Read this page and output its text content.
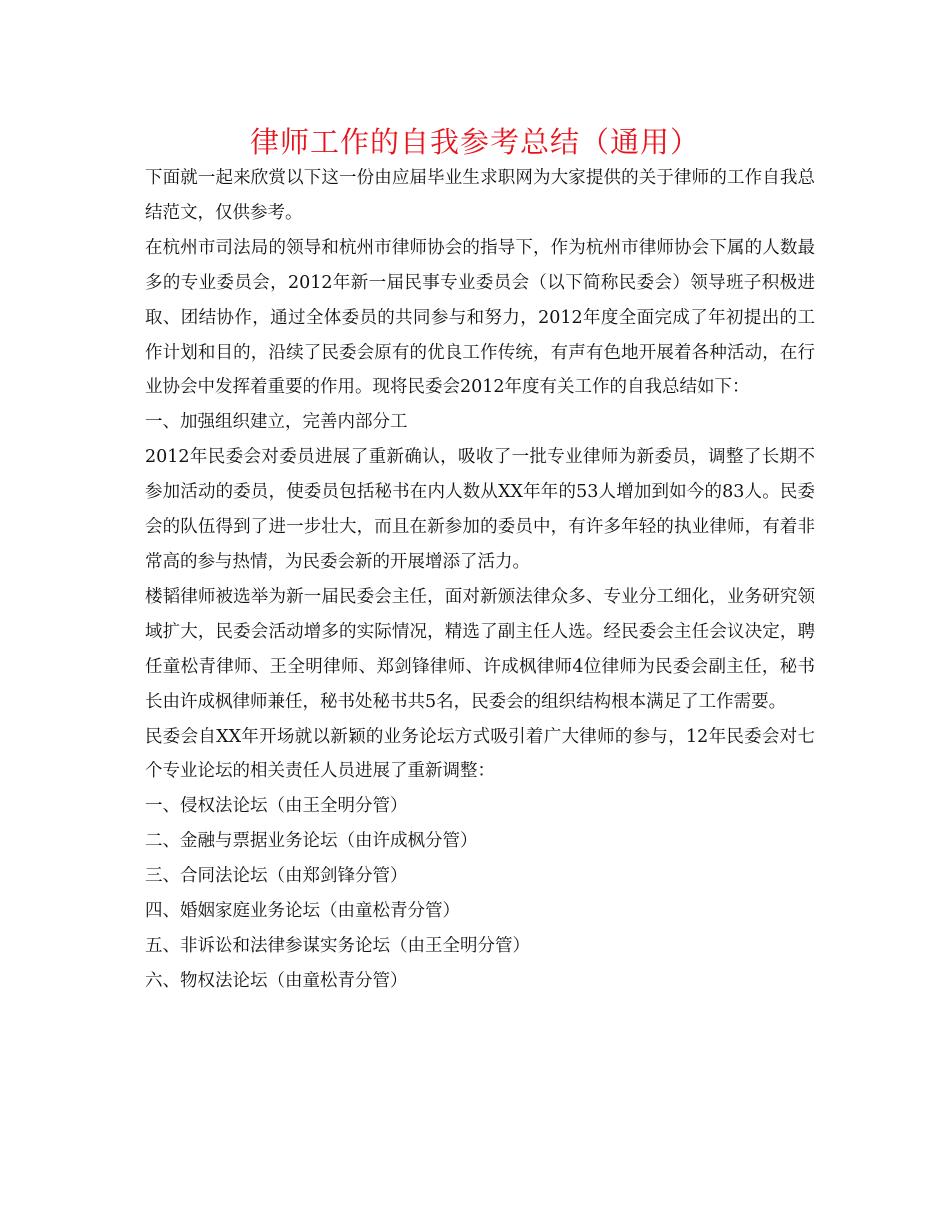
律师工作的自我参考总结（通用）

下面就一起来欣赏以下这一份由应届毕业生求职网为大家提供的关于律师的工作自我总结范文，仅供参考。

在杭州市司法局的领导和杭州市律师协会的指导下，作为杭州市律师协会下属的人数最多的专业委员会，2012年新一届民事专业委员会（以下简称民委会）领导班子积极进取、团结协作，通过全体委员的共同参与和努力，2012年度全面完成了年初提出的工作计划和目的，沿续了民委会原有的优良工作传统，有声有色地开展着各种活动，在行业协会中发挥着重要的作用。现将民委会2012年度有关工作的自我总结如下：

一、加强组织建立，完善内部分工

2012年民委会对委员进展了重新确认，吸收了一批专业律师为新委员，调整了长期不参加活动的委员，使委员包括秘书在内人数从XX年年的53人增加到如今的83人。民委会的队伍得到了进一步壮大，而且在新参加的委员中，有许多年轻的执业律师，有着非常高的参与热情，为民委会新的开展增添了活力。

楼韬律师被选举为新一届民委会主任，面对新颁法律众多、专业分工细化，业务研究领域扩大，民委会活动增多的实际情况，精选了副主任人选。经民委会主任会议决定，聘任童松青律师、王全明律师、郑剑锋律师、许成枫律师4位律师为民委会副主任，秘书长由许成枫律师兼任，秘书处秘书共5名，民委会的组织结构根本满足了工作需要。

民委会自XX年开场就以新颖的业务论坛方式吸引着广大律师的参与，12年民委会对七个专业论坛的相关责任人员进展了重新调整：

一、侵权法论坛（由王全明分管）

二、金融与票据业务论坛（由许成枫分管）

三、合同法论坛（由郑剑锋分管）

四、婚姻家庭业务论坛（由童松青分管）

五、非诉讼和法律参谋实务论坛（由王全明分管）

六、物权法论坛（由童松青分管）
